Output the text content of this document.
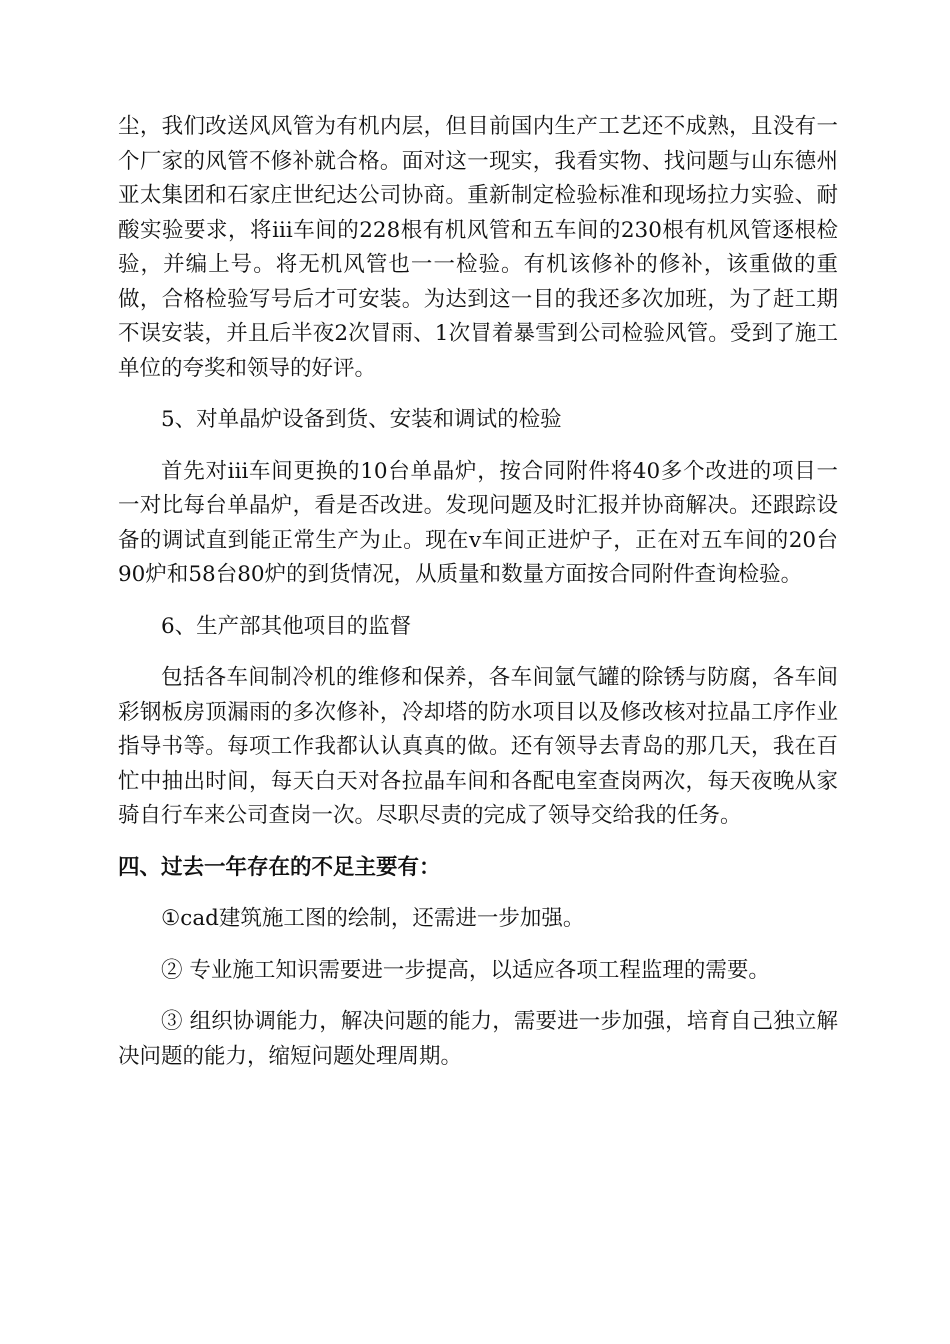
尘，我们改送风风管为有机内层，但目前国内生产工艺还不成熟，且没有一个厂家的风管不修补就合格。面对这一现实，我看实物、找问题与山东德州亚太集团和石家庄世纪达公司协商。重新制定检验标准和现场拉力实验、耐酸实验要求，将iii车间的228根有机风管和五车间的230根有机风管逐根检验，并编上号。将无机风管也一一检验。有机该修补的修补，该重做的重做，合格检验写号后才可安装。为达到这一目的我还多次加班，为了赶工期不误安装，并且后半夜2次冒雨、1次冒着暴雪到公司检验风管。受到了施工单位的夸奖和领导的好评。

5、对单晶炉设备到货、安装和调试的检验

首先对iii车间更换的10台单晶炉，按合同附件将40多个改进的项目一一对比每台单晶炉，看是否改进。发现问题及时汇报并协商解决。还跟踪设备的调试直到能正常生产为止。现在v车间正进炉子，正在对五车间的20台90炉和58台80炉的到货情况，从质量和数量方面按合同附件查询检验。

6、生产部其他项目的监督

包括各车间制冷机的维修和保养，各车间氩气罐的除锈与防腐，各车间彩钢板房顶漏雨的多次修补，冷却塔的防水项目以及修改核对拉晶工序作业指导书等。每项工作我都认认真真的做。还有领导去青岛的那几天，我在百忙中抽出时间，每天白天对各拉晶车间和各配电室查岗两次，每天夜晚从家骑自行车来公司查岗一次。尽职尽责的完成了领导交给我的任务。

四、过去一年存在的不足主要有：

①cad建筑施工图的绘制，还需进一步加强。

② 专业施工知识需要进一步提高，以适应各项工程监理的需要。

③ 组织协调能力，解决问题的能力，需要进一步加强，培育自己独立解决问题的能力，缩短问题处理周期。
